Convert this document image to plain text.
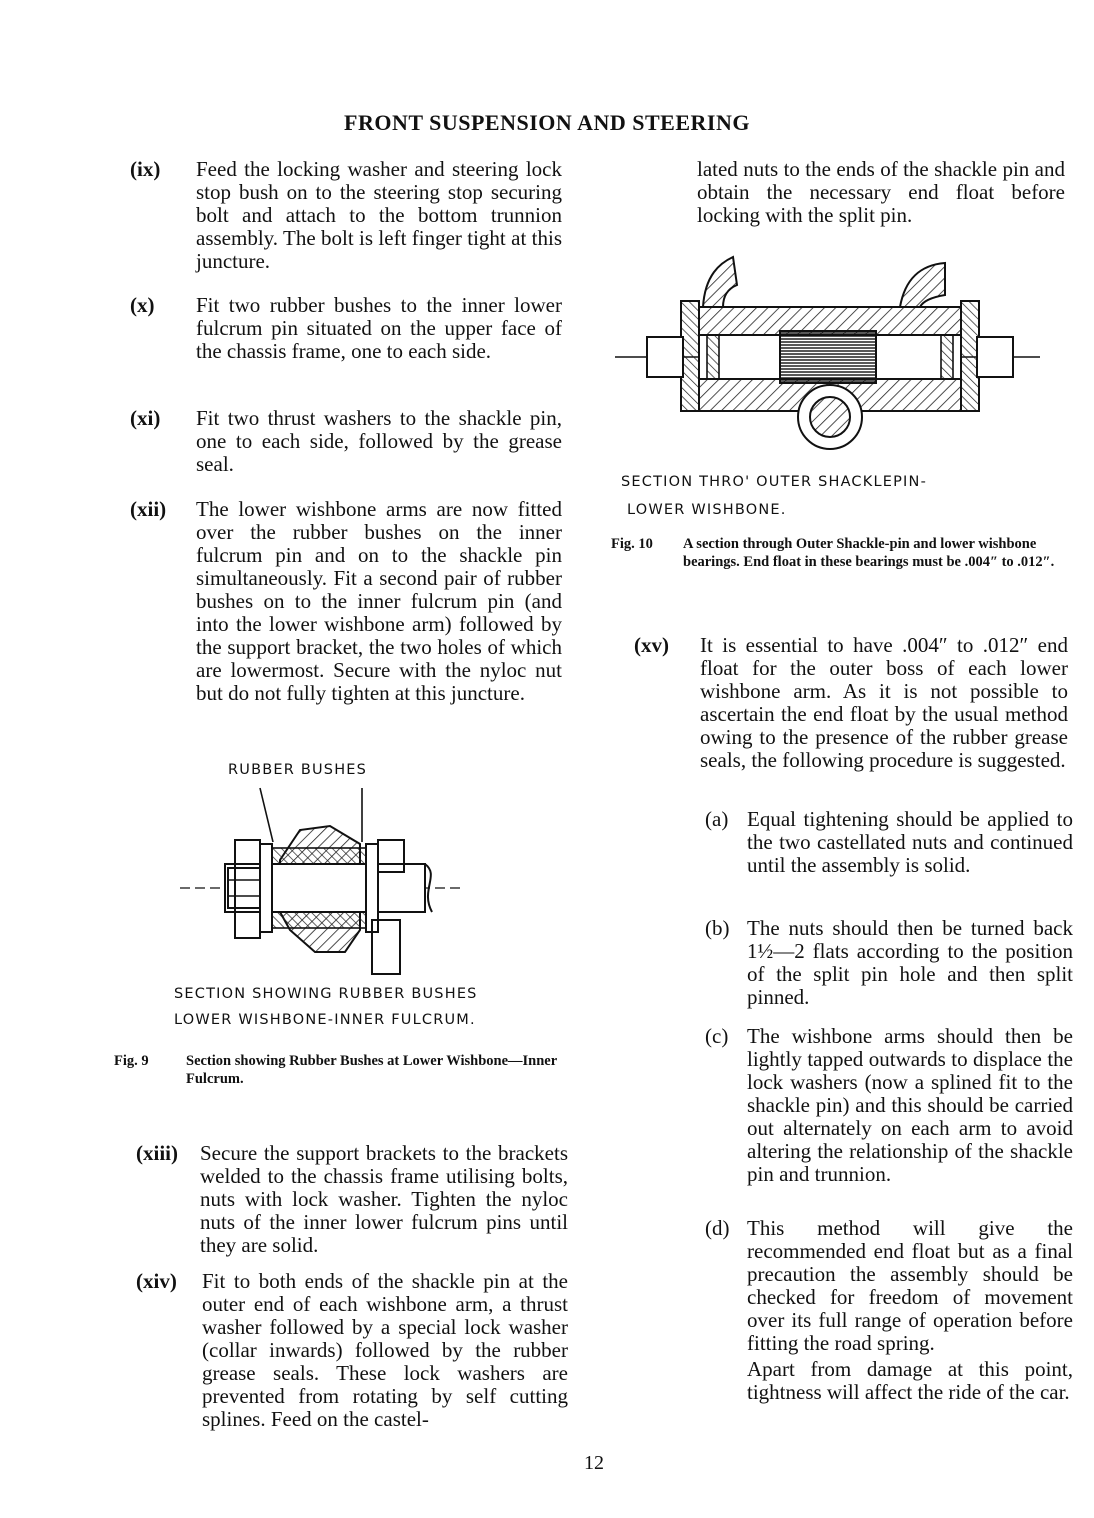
FRONT SUSPENSION AND STEERING
(ix) Feed the locking washer and steering lock stop bush on to the steering stop securing bolt and attach to the bottom trunnion assembly. The bolt is left finger tight at this juncture.

(x) Fit two rubber bushes to the inner lower fulcrum pin situated on the upper face of the chassis frame, one to each side.

(xi) Fit two thrust washers to the shackle pin, one to each side, followed by the grease seal.

(xii) The lower wishbone arms are now fitted over the rubber bushes on the inner fulcrum pin and on to the shackle pin simultaneously. Fit a second pair of rubber bushes on to the inner fulcrum pin (and into the lower wishbone arm) followed by the support bracket, the two holes of which are lowermost. Secure with the nyloc nut but do not fully tighten at this juncture.

RUBBER BUSHES
SECTION SHOWING RUBBER BUSHES
LOWER WISHBONE-INNER FULCRUM.
Fig. 9	Section showing Rubber Bushes at Lower Wishbone—Inner Fulcrum.
(xiii) Secure the support brackets to the brackets welded to the chassis frame utilising bolts, nuts with lock washer. Tighten the nyloc nuts of the inner lower fulcrum pins until they are solid.

(xiv) Fit to both ends of the shackle pin at the outer end of each wishbone arm, a thrust washer followed by a special lock washer (collar inwards) followed by the rubber grease seals. These lock washers are prevented from rotating by self cutting splines. Feed on the castel-

lated nuts to the ends of the shackle pin and obtain the necessary end float before locking with the split pin.

SECTION THRO' OUTER SHACKLEPIN-
LOWER WISHBONE.
Fig. 10 A section through Outer Shackle-pin and lower wishbone bearings. End float in these bearings must be .004″ to .012″.
(xv) It is essential to have .004″ to .012″ end float for the outer boss of each lower wishbone arm. As it is not possible to ascertain the end float by the usual method owing to the presence of the rubber grease seals, the following procedure is suggested.

(a) Equal tightening should be applied to the two castellated nuts and continued until the assembly is solid.

(b) The nuts should then be turned back 1½—2 flats according to the position of the split pin hole and then split pinned.

(c) The wishbone arms should then be lightly tapped outwards to displace the lock washers (now a splined fit to the shackle pin) and this should be carried out alternately on each arm to avoid altering the relationship of the shackle pin and trunnion.

(d) This method will give the recommended end float but as a final precaution the assembly should be checked for freedom of movement over its full range of operation before fitting the road spring.

Apart from damage at this point, tightness will affect the ride of the car.

12
